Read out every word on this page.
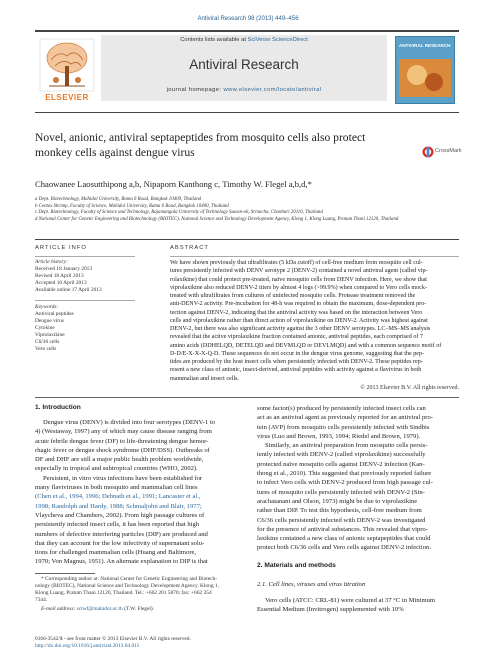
Antiviral Research 98 (2013) 449–456
ELSEVIER
Contents lists available at SciVerse ScienceDirect
Antiviral Research
journal homepage: www.elsevier.com/locate/antiviral
ANTIVIRAL RESEARCH
Novel, anionic, antiviral septapeptides from mosquito cells also protect
monkey cells against dengue virus	CrossMark
Chaowanee Laosutthipong a,b, Nipaporn Kanthong c, Timothy W. Flegel a,b,d,*
a Dept. Biotechnology, Mahidol University, Rama 6 Road, Bangkok 10400, Thailand
b Centex Shrimp, Faculty of Science, Mahidol University, Rama 6 Road, Bangkok 10400, Thailand
c Dept. Biotechnology, Faculty of Science and Technology, Rajamangala University of Technology Suwan-ok, Srinacha, Chonburi 20110, Thailand
d National Center for Genetic Engineering and Biotechnology (BIOTEC), National Science and Technology Development Agency, Klong 1, Klong Luang, Pratum Thani 12120, Thailand
ARTICLE INFO
Article history:
Received 18 January 2013
Revised 18 April 2013
Accepted 10 April 2013
Available online 17 April 2013
Keywords:
Antiviral peptides
Dengue virus
Cytokine
Viprolaxikine
C6/36 cells
Vero cells
ABSTRACT
We have shown previously that ultrafiltrates (5 kDa cutoff) of cell-free medium from mosquito cell cul-
tures persistently infected with DENV serotype 2 (DENV-2) contained a novel antiviral agent (called vip-
rolaxikine) that could protect pre-treated, naïve mosquito cells from DENV infection. Here, we show that
viprolaxikine also reduced DENV-2 titers by almost 4 logs (>99.9%) when compared to Vero cells mock-
treated with ultrafiltrates from cultures of uninfected mosquito cells. Protease treatment removed the
anti-DENV-2 activity. Pre-incubation for 48-h was required to obtain the maximum, dose-dependent pro-
tection against DENV-2, indicating that the antiviral activity was based on the interaction between Vero
cells and viprolaxikine rather than direct action of viprolaxikine on DENV-2. Activity was highest against
DENV-2, but there was also significant activity against the 3 other DENV serotypes. LC–MS–MS analysis
revealed that the active viprolaxikine fraction contained anionic, antiviral peptides, each comprised of 7
amino acids (DDHELQD, DETELQD and DEVMLQD or DEVLMQD) and with a common sequence motif of
D-D/E-X-X-X-Q-D. These sequences do not occur in the dengue virus genome, suggesting that the pep-
tides are produced by the host insect cells when persistently infected with DENV-2. These peptides rep-
resent a new class of anionic, insect-derived, antiviral peptides with activity against a flavivirus in both
mammalian and insect cells.
© 2013 Elsevier B.V. All rights reserved.
1. Introduction
Dengue virus (DENV) is divided into four serotypes (DENV-1 to
4) (Westaway, 1997) any of which may cause disease ranging from
acute febrile dengue fever (DF) to life-threatening dengue hemor-
rhagic fever or dengue shock syndrome (DHF/DSS). Outbreaks of
DF and DHF are still a major public health problem worldwide,
especially in tropical and subtropical countries (WHO, 2002).
Persistent, in vitro virus infections have been established for
many flaviviruses in both mosquito and mammalian cell lines
(Chen et al., 1994, 1996; Debnath et al., 1991; Lancaster et al.,
1998; Randolph and Hardy, 1988; Schmaljohn and Blair, 1977;
Vlaycheva and Chambers, 2002). From high passage cultures of
persistently infected insect cells, it has been reported that high
numbers of defective interfering particles (DIP) are produced and
that they can account for the low infectivity of supernatant solu-
tions for challenged mammalian cells (Huang and Baltimore,
1970; Von Magnus, 1951). An alternate explanation to DIP is that
* Corresponding author at: National Center for Genetic Engineering and Biotech-
nology (BIOTEC), National Science and Technology Development Agency, Klong 1,
Klong Luang, Pratum Thani 12120, Thailand. Tel.: +662 201 5870; fax: +662 354
7344.
E-mail address: sctwf@mahidol.ac.th (T.W. Flegel).
0166-3542/$ - see front matter © 2013 Elsevier B.V. All rights reserved.
http://dx.doi.org/10.1016/j.antiviral.2013.04.011
some factor(s) produced by persistently infected insect cells can
act as an antiviral agent as previously reported for an antiviral pro-
tein (AVP) from mosquito cells persistently infected with Sindbis
virus (Luo and Brown, 1993, 1994; Riedel and Brown, 1979).
Similarly, an antiviral preparation from mosquito cells persis-
tently infected with DENV-2 (called viprolaxikine) successfully
protected naïve mosquito cells against DENV-2 infection (Kan-
thong et al., 2010). This suggested that previously reported failure
to infect Vero cells with DENV-2 produced from high passage cul-
tures of mosquito cells persistently infected with DENV-2 (Sin-
arachatanant and Olson, 1973) might be due to viprolaxikine
rather than DIP. To test this hypothesis, cell-free medium from
C6/36 cells persistently infected with DENV-2 was investigated
for the presence of antiviral substances. This revealed that vipro-
laxikine contained a new class of anionic septapeptides that could
protect both C6/36 cells and Vero cells against DENV-2 infection.
2. Materials and methods
2.1. Cell lines, viruses and virus titration
Vero cells (ATCC: CRL-81) were cultured at 37 °C in Minimum
Essential Medium (Invitrogen) supplemented with 10%
